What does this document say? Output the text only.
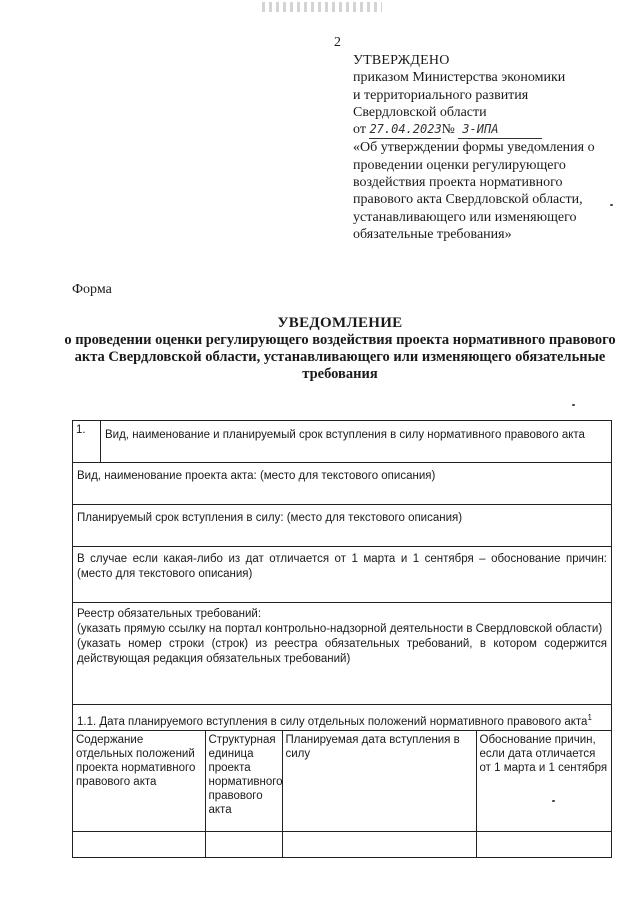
2
УТВЕРЖДЕНО
приказом Министерства экономики
и территориального развития
Свердловской области
от 27.04.2023№ 3-ИПА
«Об утверждении формы уведомления о проведении оценки регулирующего воздействия проекта нормативного правового акта Свердловской области, устанавливающего или изменяющего обязательные требования»
Форма
УВЕДОМЛЕНИЕ
о проведении оценки регулирующего воздействия проекта нормативного правового акта Свердловской области, устанавливающего или изменяющего обязательные требования
1.	Вид, наименование и планируемый срок вступления в силу нормативного правового акта
Вид, наименование проекта акта: (место для текстового описания)
Планируемый срок вступления в силу: (место для текстового описания)
В случае если какая-либо из дат отличается от 1 марта и 1 сентября – обоснование причин: (место для текстового описания)
Реестр обязательных требований:
(указать прямую ссылку на портал контрольно-надзорной деятельности в Свердловской области)
(указать номер строки (строк) из реестра обязательных требований, в котором содержится действующая редакция обязательных требований)
1.1. Дата планируемого вступления в силу отдельных положений нормативного правового акта$^1$
Содержание отдельных положений проекта нормативного правового акта	Структурная единица проекта нормативного правового акта	Планируемая дата вступления в силу	Обоснование причин, если дата отличается от 1 марта и 1 сентября
